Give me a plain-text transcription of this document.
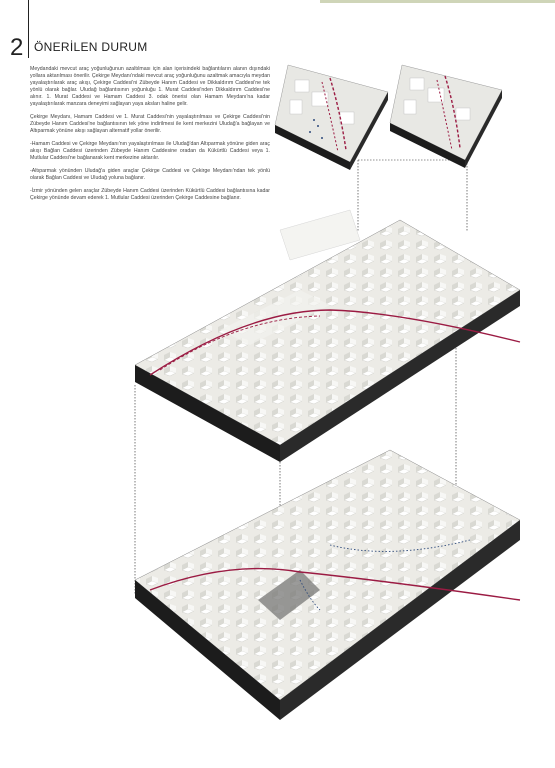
2 ÖNERİLEN DURUM

Meydandaki mevcut araç yoğunluğunun azaltılması için alan içerisindeki bağlantıların alanın dışındaki yollara aktarılması önerilir. Çekirge Meydanı'ndaki mevcut araç yoğunluğunu azaltmak amacıyla meydan yayalaştırılarak araç akışı, Çekirge Caddesi'ni Zübeyde Hanım Caddesi ve Dikkaldırım Caddesi'ne tek yönlü olarak bağlar. Uludağ bağlantısının yoğunluğu 1. Murat Caddesi'nden Dikkaldırım Caddesi'ne alınır. 1. Murat Caddesi ve Hamam Caddesi 3. odak önerisi olan Hamam Meydanı'na kadar yayalaştırılarak manzara deneyimi sağlayan yaya aksları haline gelir.

Çekirge Meydanı, Hamam Caddesi ve 1. Murat Caddesi'nin yayalaştırılması ve Çekirge Caddesi'nin Zübeyde Hanım Caddesi'ne bağlantısının tek yöne indirilmesi ile kent merkezini Uludağ'a bağlayan ve Altıparmak yönüne akışı sağlayan alternatif yollar önerilir.

-Hamam Caddesi ve Çekirge Meydanı'nın yayalaştırılması ile Uludağ'dan Altıparmak yönüne giden araç akışı Bağlan Caddesi üzerinden Zübeyde Hanım Caddesine oradan da Kükürtlü Caddesi veya 1. Mutlular Caddesi'ne bağlanarak kent merkezine aktarılır.

-Altıparmak yönünden Uludağ'a giden araçlar Çekirge Caddesi ve Çekirge Meydanı'ndan tek yönlü olarak Bağlan Caddesi ve Uludağ yoluna bağlanır.

-İzmir yönünden gelen araçlar Zübeyde Hanım Caddesi üzerinden Kükürtlü Caddesi bağlantısına kadar Çekirge yönünde devam ederek 1. Mutlular Caddesi üzerinden Çekirge Caddesine bağlanır.
